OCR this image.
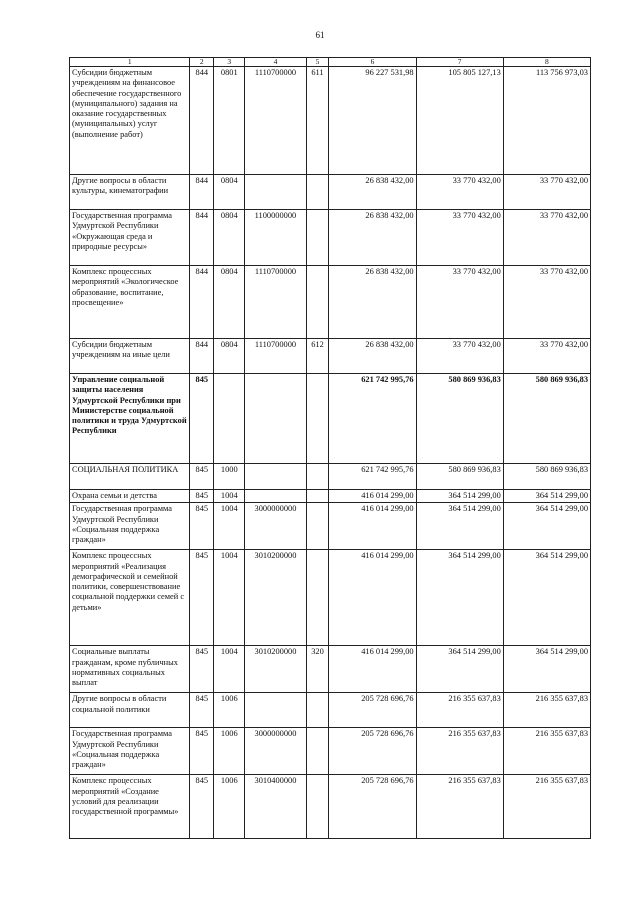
61
1	2	3	4	5	6	7	8
Субсидии бюджетным учреждениям на финансовое обеспечение государственного (муниципального) задания на оказание государственных (муниципальных) услуг (выполнение работ)	844	0801	1110700000	611	96 227 531,98	105 805 127,13	113 756 973,03
Другие вопросы в области культуры, кинематографии	844	0804			26 838 432,00	33 770 432,00	33 770 432,00
Государственная программа Удмуртской Республики «Окружающая среда и природные ресурсы»	844	0804	1100000000		26 838 432,00	33 770 432,00	33 770 432,00
Комплекс процессных мероприятий «Экологическое образование, воспитание, просвещение»	844	0804	1110700000		26 838 432,00	33 770 432,00	33 770 432,00
Субсидии бюджетным учреждениям на иные цели	844	0804	1110700000	612	26 838 432,00	33 770 432,00	33 770 432,00
Управление социальной защиты населения Удмуртской Республики при Министерстве социальной политики и труда Удмуртской Республики	845				621 742 995,76	580 869 936,83	580 869 936,83
СОЦИАЛЬНАЯ ПОЛИТИКА	845	1000			621 742 995,76	580 869 936,83	580 869 936,83
Охрана семьи и детства	845	1004			416 014 299,00	364 514 299,00	364 514 299,00
Государственная программа Удмуртской Республики «Социальная поддержка граждан»	845	1004	3000000000		416 014 299,00	364 514 299,00	364 514 299,00
Комплекс процессных мероприятий «Реализация демографической и семейной политики, совершенствование социальной поддержки семей с детьми»	845	1004	3010200000		416 014 299,00	364 514 299,00	364 514 299,00
Социальные выплаты гражданам, кроме публичных нормативных социальных выплат	845	1004	3010200000	320	416 014 299,00	364 514 299,00	364 514 299,00
Другие вопросы в области социальной политики	845	1006			205 728 696,76	216 355 637,83	216 355 637,83
Государственная программа Удмуртской Республики «Социальная поддержка граждан»	845	1006	3000000000		205 728 696,76	216 355 637,83	216 355 637,83
Комплекс процессных мероприятий «Создание условий для реализации государственной программы»	845	1006	3010400000		205 728 696,76	216 355 637,83	216 355 637,83
